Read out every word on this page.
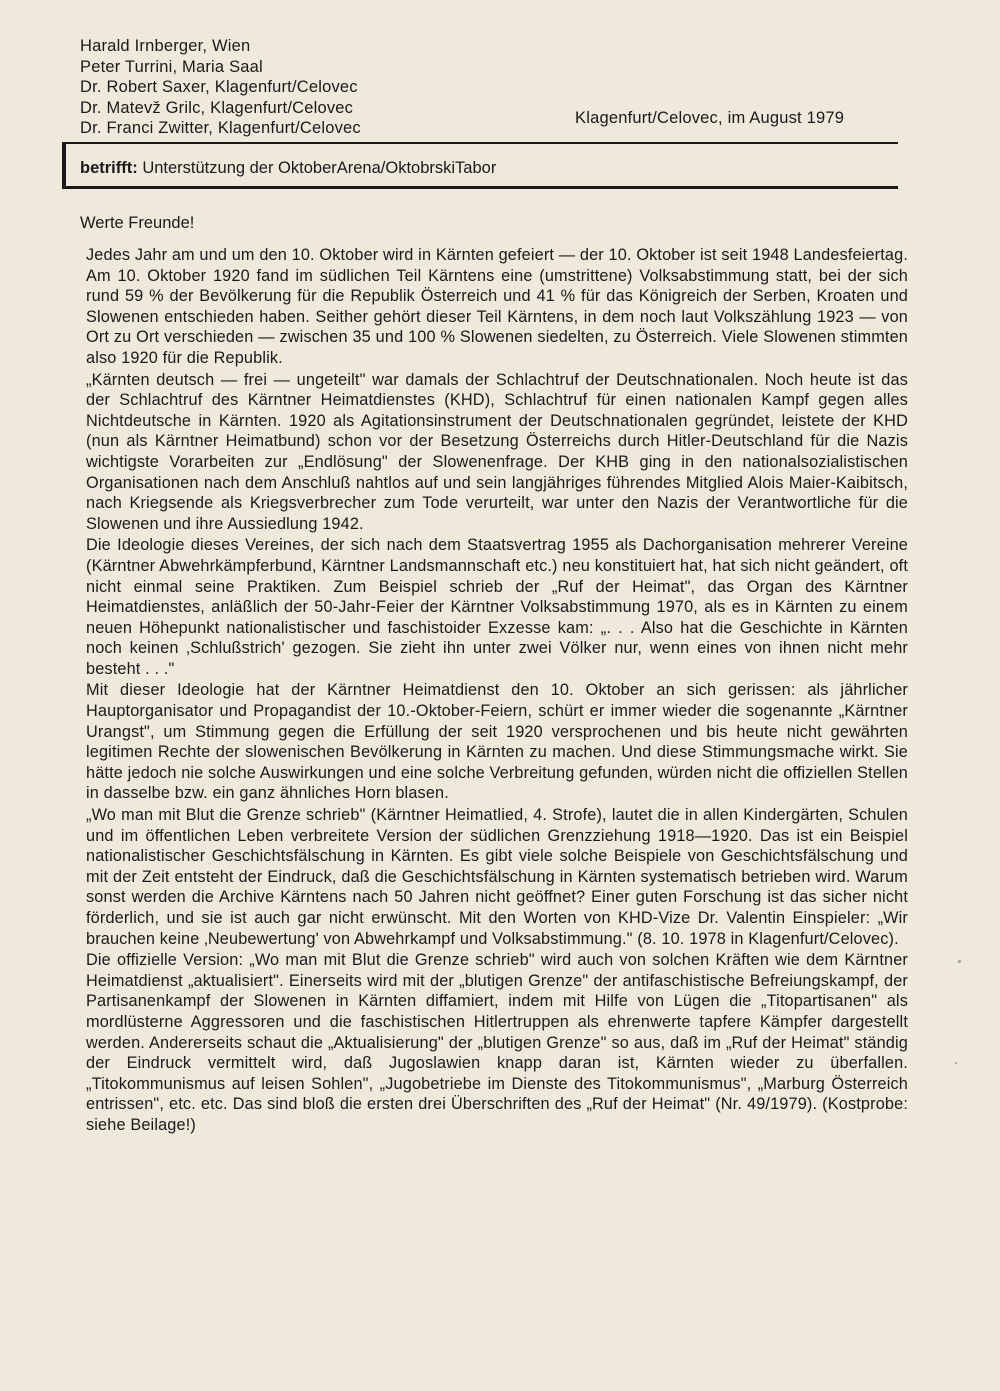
Harald Irnberger, Wien
Peter Turrini, Maria Saal
Dr. Robert Saxer, Klagenfurt/Celovec
Dr. Matevž Grilc, Klagenfurt/Celovec
Dr. Franci Zwitter, Klagenfurt/Celovec
Klagenfurt/Celovec, im August 1979
betrifft: Unterstützung der OktoberArena/OktobrskiTabor
Werte Freunde!

Jedes Jahr am und um den 10. Oktober wird in Kärnten gefeiert — der 10. Oktober ist seit 1948 Landesfeiertag. Am 10. Oktober 1920 fand im südlichen Teil Kärntens eine (umstrittene) Volksabstimmung statt, bei der sich rund 59 % der Bevölkerung für die Republik Österreich und 41 % für das Königreich der Serben, Kroaten und Slowenen entschieden haben. Seither gehört dieser Teil Kärntens, in dem noch laut Volkszählung 1923 — von Ort zu Ort verschieden — zwischen 35 und 100 % Slowenen siedelten, zu Österreich. Viele Slowenen stimmten also 1920 für die Republik.

„Kärnten deutsch — frei — ungeteilt" war damals der Schlachtruf der Deutschnationalen. Noch heute ist das der Schlachtruf des Kärntner Heimatdienstes (KHD), Schlachtruf für einen nationalen Kampf gegen alles Nichtdeutsche in Kärnten. 1920 als Agitationsinstrument der Deutschnationalen gegründet, leistete der KHD (nun als Kärntner Heimatbund) schon vor der Besetzung Österreichs durch Hitler-Deutschland für die Nazis wichtigste Vorarbeiten zur „Endlösung" der Slowenenfrage. Der KHB ging in den nationalsozialistischen Organisationen nach dem Anschluß nahtlos auf und sein langjähriges führendes Mitglied Alois Maier-Kaibitsch, nach Kriegsende als Kriegsverbrecher zum Tode verurteilt, war unter den Nazis der Verantwortliche für die Slowenen und ihre Aussiedlung 1942.

Die Ideologie dieses Vereines, der sich nach dem Staatsvertrag 1955 als Dachorganisation mehrerer Vereine (Kärntner Abwehrkämpferbund, Kärntner Landsmannschaft etc.) neu konstituiert hat, hat sich nicht geändert, oft nicht einmal seine Praktiken. Zum Beispiel schrieb der „Ruf der Heimat", das Organ des Kärntner Heimatdienstes, anläßlich der 50-Jahr-Feier der Kärntner Volksabstimmung 1970, als es in Kärnten zu einem neuen Höhepunkt nationalistischer und faschistoider Exzesse kam: „. . . Also hat die Geschichte in Kärnten noch keinen ‚Schlußstrich' gezogen. Sie zieht ihn unter zwei Völker nur, wenn eines von ihnen nicht mehr besteht . . ."

Mit dieser Ideologie hat der Kärntner Heimatdienst den 10. Oktober an sich gerissen: als jährlicher Hauptorganisator und Propagandist der 10.-Oktober-Feiern, schürt er immer wieder die sogenannte „Kärntner Urangst", um Stimmung gegen die Erfüllung der seit 1920 versprochenen und bis heute nicht gewährten legitimen Rechte der slowenischen Bevölkerung in Kärnten zu machen. Und diese Stimmungsmache wirkt. Sie hätte jedoch nie solche Auswirkungen und eine solche Verbreitung gefunden, würden nicht die offiziellen Stellen in dasselbe bzw. ein ganz ähnliches Horn blasen.

„Wo man mit Blut die Grenze schrieb" (Kärntner Heimatlied, 4. Strofe), lautet die in allen Kindergärten, Schulen und im öffentlichen Leben verbreitete Version der südlichen Grenzziehung 1918—1920. Das ist ein Beispiel nationalistischer Geschichtsfälschung in Kärnten. Es gibt viele solche Beispiele von Geschichtsfälschung und mit der Zeit entsteht der Eindruck, daß die Geschichtsfälschung in Kärnten systematisch betrieben wird. Warum sonst werden die Archive Kärntens nach 50 Jahren nicht geöffnet? Einer guten Forschung ist das sicher nicht förderlich, und sie ist auch gar nicht erwünscht. Mit den Worten von KHD-Vize Dr. Valentin Einspieler: „Wir brauchen keine ‚Neubewertung' von Abwehrkampf und Volksabstimmung." (8. 10. 1978 in Klagenfurt/Celovec).

Die offizielle Version: „Wo man mit Blut die Grenze schrieb" wird auch von solchen Kräften wie dem Kärntner Heimatdienst „aktualisiert". Einerseits wird mit der „blutigen Grenze" der antifaschistische Befreiungskampf, der Partisanenkampf der Slowenen in Kärnten diffamiert, indem mit Hilfe von Lügen die „Titopartisanen" als mordlüsterne Aggressoren und die faschistischen Hitlertruppen als ehrenwerte tapfere Kämpfer dargestellt werden. Andererseits schaut die „Aktualisierung" der „blutigen Grenze" so aus, daß im „Ruf der Heimat" ständig der Eindruck vermittelt wird, daß Jugoslawien knapp daran ist, Kärnten wieder zu überfallen. „Titokommunismus auf leisen Sohlen", „Jugobetriebe im Dienste des Titokommunismus", „Marburg Österreich entrissen", etc. etc. Das sind bloß die ersten drei Überschriften des „Ruf der Heimat" (Nr. 49/1979). (Kostprobe: siehe Beilage!)
